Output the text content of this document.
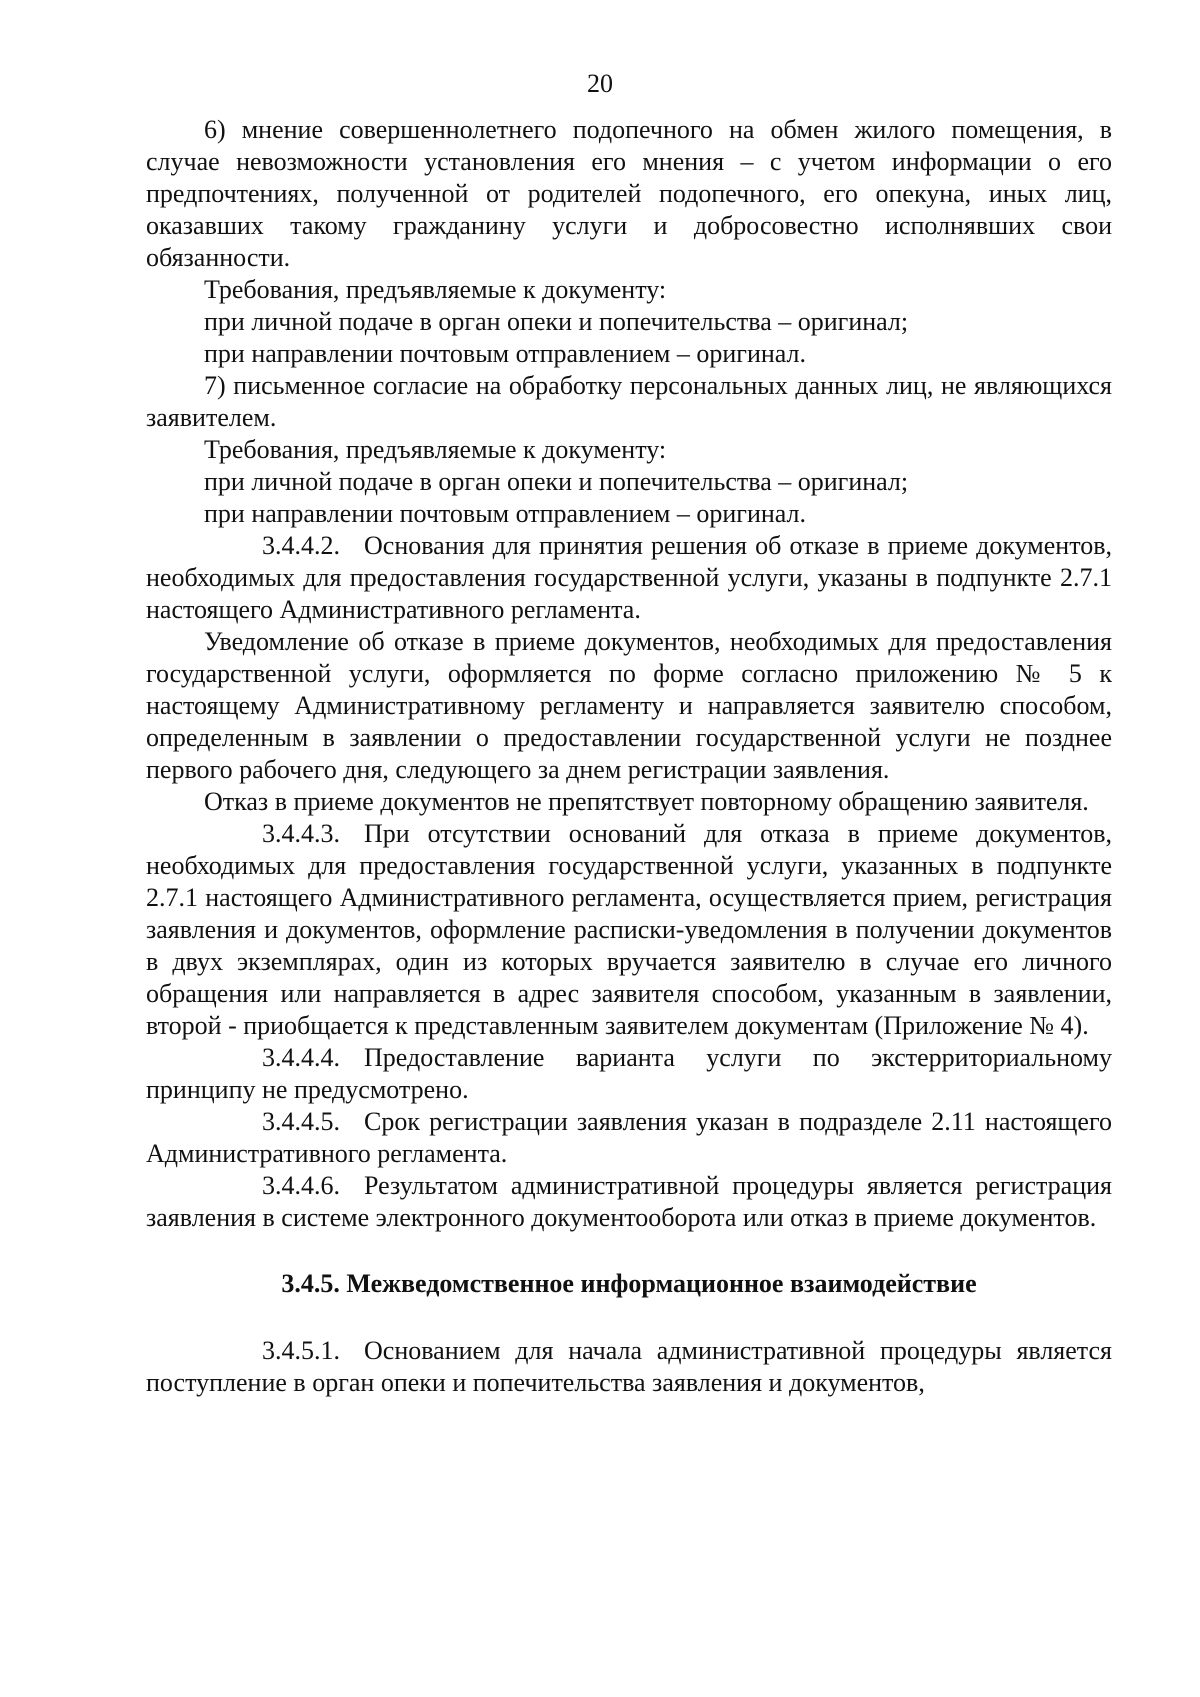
20

6) мнение совершеннолетнего подопечного на обмен жилого помещения, в случае невозможности установления его мнения – с учетом информации о его предпочтениях, полученной от родителей подопечного, его опекуна, иных лиц, оказавших такому гражданину услуги и добросовестно исполнявших свои обязанности.

Требования, предъявляемые к документу:

при личной подаче в орган опеки и попечительства – оригинал;

при направлении почтовым отправлением – оригинал.

7) письменное согласие на обработку персональных данных лиц, не являющихся заявителем.

Требования, предъявляемые к документу:

при личной подаче в орган опеки и попечительства – оригинал;

при направлении почтовым отправлением – оригинал.

3.4.4.2. Основания для принятия решения об отказе в приеме документов, необходимых для предоставления государственной услуги, указаны в подпункте 2.7.1 настоящего Административного регламента.

Уведомление об отказе в приеме документов, необходимых для предоставления государственной услуги, оформляется по форме согласно приложению № 5 к настоящему Административному регламенту и направляется заявителю способом, определенным в заявлении о предоставлении государственной услуги не позднее первого рабочего дня, следующего за днем регистрации заявления.

Отказ в приеме документов не препятствует повторному обращению заявителя.

3.4.4.3. При отсутствии оснований для отказа в приеме документов, необходимых для предоставления государственной услуги, указанных в подпункте 2.7.1 настоящего Административного регламента, осуществляется прием, регистрация заявления и документов, оформление расписки-уведомления в получении документов в двух экземплярах, один из которых вручается заявителю в случае его личного обращения или направляется в адрес заявителя способом, указанным в заявлении, второй - приобщается к представленным заявителем документам (Приложение № 4).

3.4.4.4. Предоставление варианта услуги по экстерриториальному принципу не предусмотрено.

3.4.4.5. Срок регистрации заявления указан в подразделе 2.11 настоящего Административного регламента.

3.4.4.6. Результатом административной процедуры является регистрация заявления в системе электронного документооборота или отказ в приеме документов.

3.4.5. Межведомственное информационное взаимодействие

3.4.5.1. Основанием для начала административной процедуры является поступление в орган опеки и попечительства заявления и документов,
